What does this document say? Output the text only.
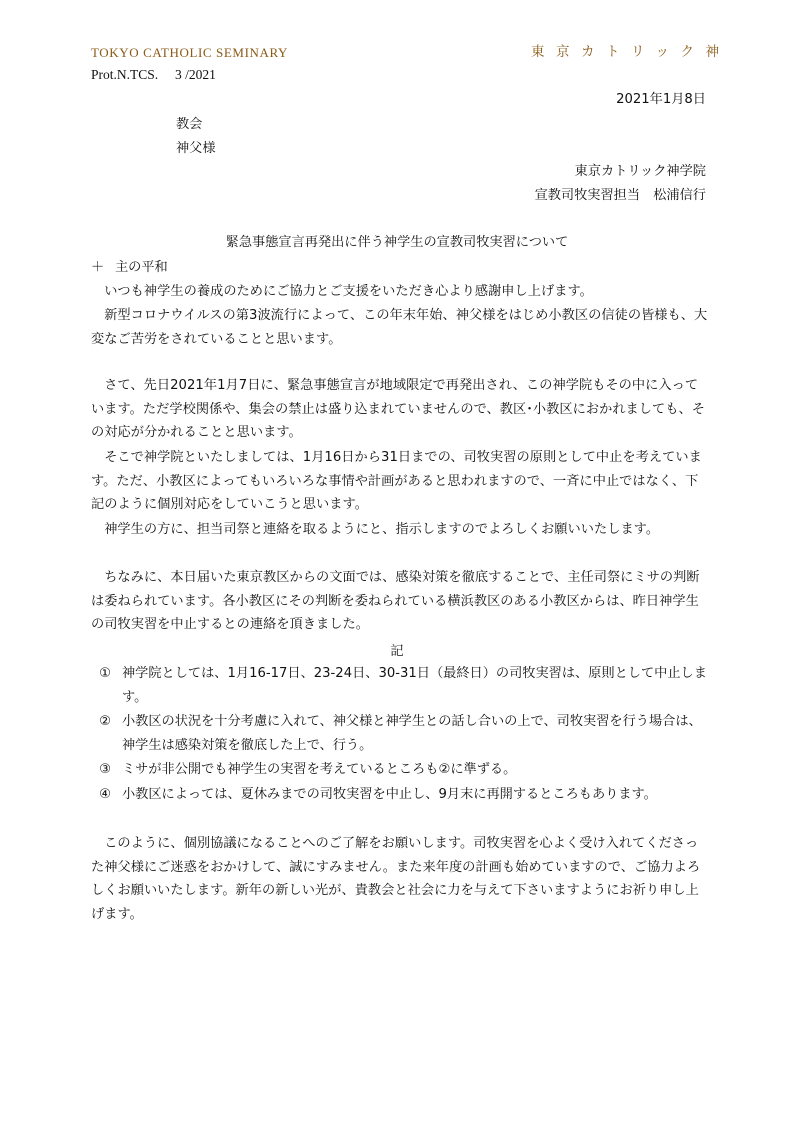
TOKYO CATHOLIC SEMINARY	東京カトリック神
Prot.N.TCS.　 3 /2021
2021年1月8日
教会
神父様
東京カトリック神学院
宣教司牧実習担当　松浦信行
緊急事態宣言再発出に伴う神学生の宣教司牧実習について
＋ 主の平和
いつも神学生の養成のためにご協力とご支援をいただき心より感謝申し上げます。
新型コロナウイルスの第3波流行によって、この年末年始、神父様をはじめ小教区の信徒の皆様も、大変なご苦労をされていることと思います。
さて、先日2021年1月7日に、緊急事態宣言が地域限定で再発出され、この神学院もその中に入っています。ただ学校関係や、集会の禁止は盛り込まれていませんので、教区･小教区におかれましても、その対応が分かれることと思います。
そこで神学院といたしましては、1月16日から31日までの、司牧実習の原則として中止を考えています。ただ、小教区によってもいろいろな事情や計画があると思われますので、一斉に中止ではなく、下記のように個別対応をしていこうと思います。
神学生の方に、担当司祭と連絡を取るようにと、指示しますのでよろしくお願いいたします。
ちなみに、本日届いた東京教区からの文面では、感染対策を徹底することで、主任司祭にミサの判断は委ねられています。各小教区にその判断を委ねられている横浜教区のある小教区からは、昨日神学生の司牧実習を中止するとの連絡を頂きました。
記
① 神学院としては、1月16-17日、23-24日、30-31日（最終日）の司牧実習は、原則として中止します。
② 小教区の状況を十分考慮に入れて、神父様と神学生との話し合いの上で、司牧実習を行う場合は、神学生は感染対策を徹底した上で、行う。
③ ミサが非公開でも神学生の実習を考えているところも②に準ずる。
④ 小教区によっては、夏休みまでの司牧実習を中止し、9月末に再開するところもあります。
このように、個別協議になることへのご了解をお願いします。司牧実習を心よく受け入れてくださった神父様にご迷惑をおかけして、誠にすみません。また来年度の計画も始めていますので、ご協力よろしくお願いいたします。新年の新しい光が、貴教会と社会に力を与えて下さいますようにお祈り申し上げます。
